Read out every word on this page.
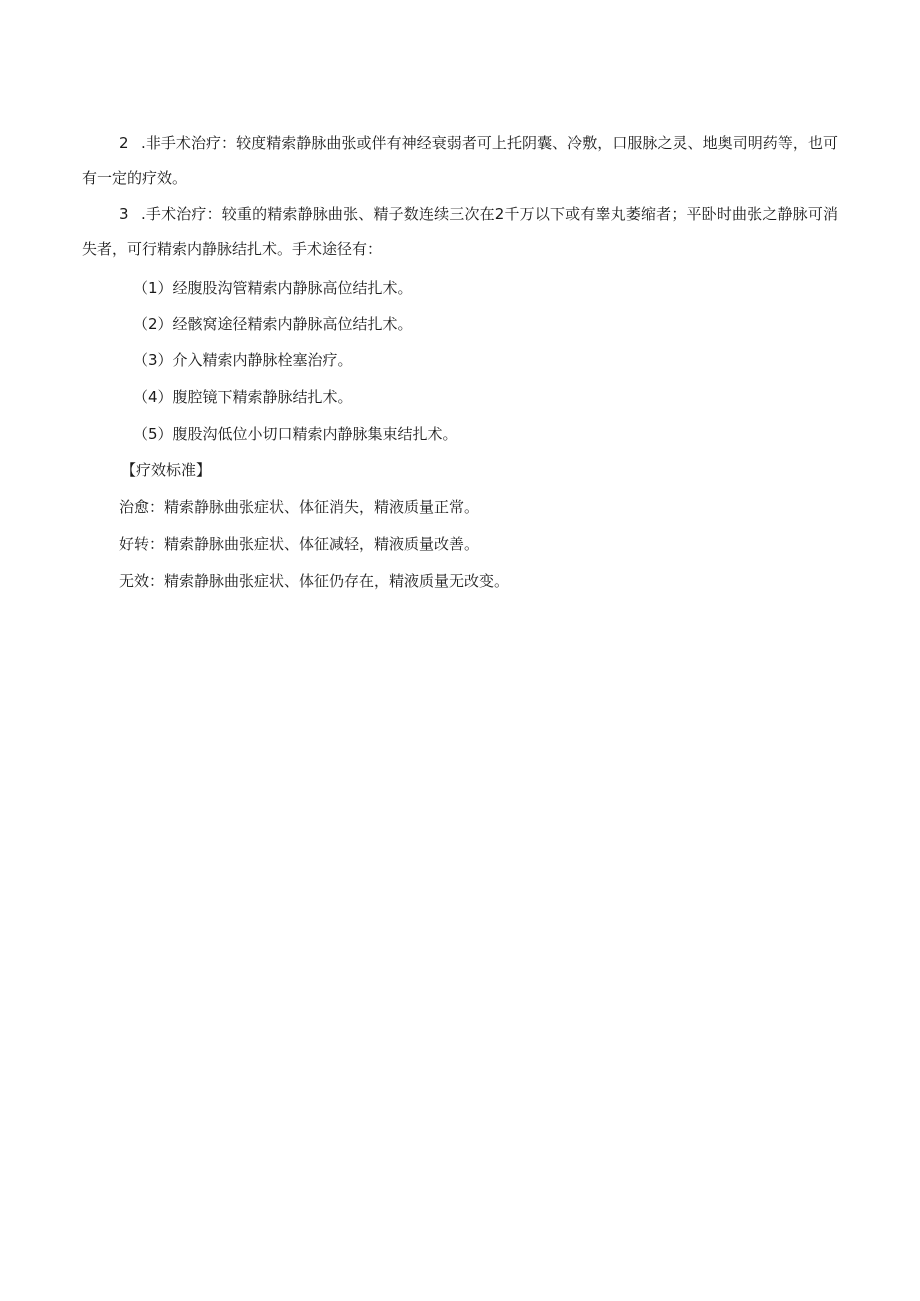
2 .非手术治疗：较度精索静脉曲张或伴有神经衰弱者可上托阴囊、冷敷，口服脉之灵、地奥司明药等，也可有一定的疗效。

3 .手术治疗：较重的精索静脉曲张、精子数连续三次在2千万以下或有睾丸萎缩者；平卧时曲张之静脉可消失者，可行精索内静脉结扎术。手术途径有：

（1）经腹股沟管精索内静脉高位结扎术。

（2）经骸窝途径精索内静脉高位结扎术。

（3）介入精索内静脉栓塞治疗。

（4）腹腔镜下精索静脉结扎术。

（5）腹股沟低位小切口精索内静脉集束结扎术。

【疗效标准】

治愈：精索静脉曲张症状、体征消失，精液质量正常。

好转：精索静脉曲张症状、体征减轻，精液质量改善。

无效：精索静脉曲张症状、体征仍存在，精液质量无改变。
